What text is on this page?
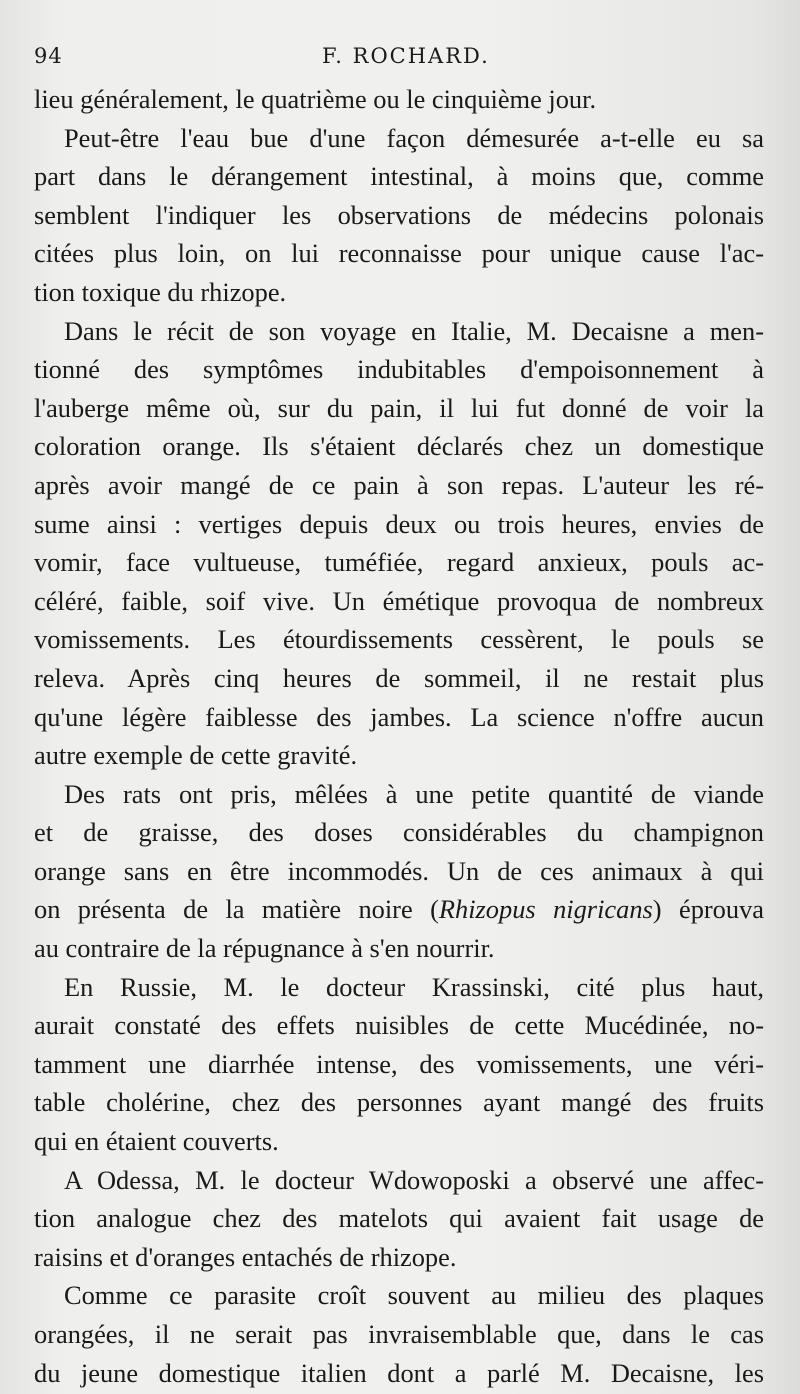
94	F. ROCHARD.
lieu généralement, le quatrième ou le cinquième jour.
Peut-être l'eau bue d'une façon démesurée a-t-elle eu sa
part dans le dérangement intestinal, à moins que, comme
semblent l'indiquer les observations de médecins polonais
citées plus loin, on lui reconnaisse pour unique cause l'ac-
tion toxique du rhizope.
Dans le récit de son voyage en Italie, M. Decaisne a men-
tionné des symptômes indubitables d'empoisonnement à
l'auberge même où, sur du pain, il lui fut donné de voir la
coloration orange. Ils s'étaient déclarés chez un domestique
après avoir mangé de ce pain à son repas. L'auteur les ré-
sume ainsi : vertiges depuis deux ou trois heures, envies de
vomir, face vultueuse, tuméfiée, regard anxieux, pouls ac-
céléré, faible, soif vive. Un émétique provoqua de nombreux
vomissements. Les étourdissements cessèrent, le pouls se
releva. Après cinq heures de sommeil, il ne restait plus
qu'une légère faiblesse des jambes. La science n'offre aucun
autre exemple de cette gravité.
Des rats ont pris, mêlées à une petite quantité de viande
et de graisse, des doses considérables du champignon
orange sans en être incommodés. Un de ces animaux à qui
on présenta de la matière noire (Rhizopus nigricans) éprouva
au contraire de la répugnance à s'en nourrir.
En Russie, M. le docteur Krassinski, cité plus haut,
aurait constaté des effets nuisibles de cette Mucédinée, no-
tamment une diarrhée intense, des vomissements, une véri-
table cholérine, chez des personnes ayant mangé des fruits
qui en étaient couverts.
A Odessa, M. le docteur Wdowoposki a observé une affec-
tion analogue chez des matelots qui avaient fait usage de
raisins et d'oranges entachés de rhizope.
Comme ce parasite croît souvent au milieu des plaques
orangées, il ne serait pas invraisemblable que, dans le cas
du jeune domestique italien dont a parlé M. Decaisne, les
